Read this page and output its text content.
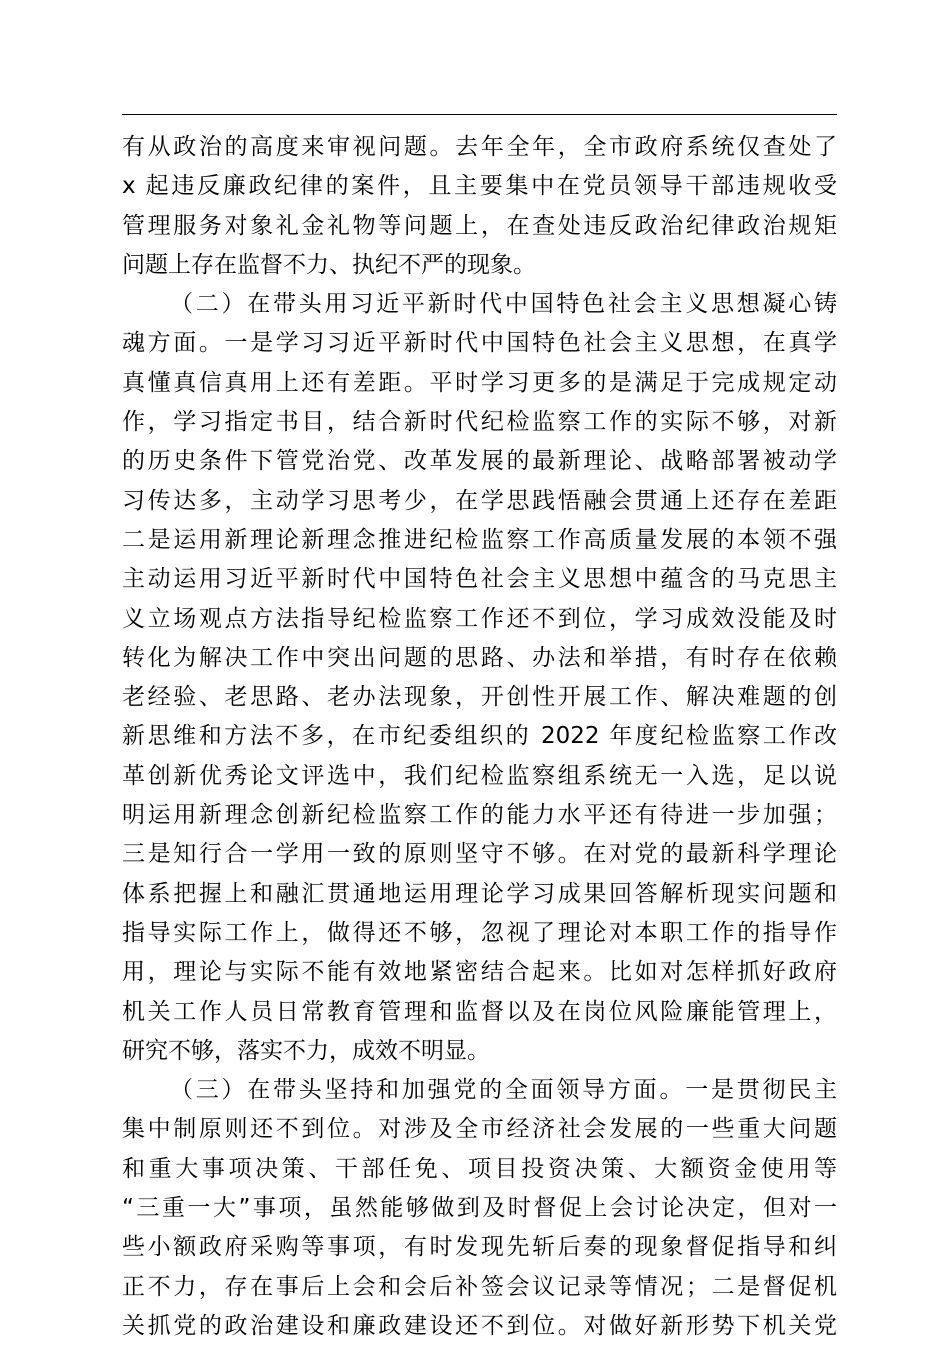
有从政治的高度来审视问题。去年全年，全市政府系统仅查处了
x 起违反廉政纪律的案件，且主要集中在党员领导干部违规收受
管理服务对象礼金礼物等问题上，在查处违反政治纪律政治规矩
问题上存在监督不力、执纪不严的现象。
（二）在带头用习近平新时代中国特色社会主义思想凝心铸
魂方面。一是学习习近平新时代中国特色社会主义思想，在真学
真懂真信真用上还有差距。平时学习更多的是满足于完成规定动
作，学习指定书目，结合新时代纪检监察工作的实际不够，对新
的历史条件下管党治党、改革发展的最新理论、战略部署被动学
习传达多，主动学习思考少，在学思践悟融会贯通上还存在差距
二是运用新理论新理念推进纪检监察工作高质量发展的本领不强
主动运用习近平新时代中国特色社会主义思想中蕴含的马克思主
义立场观点方法指导纪检监察工作还不到位，学习成效没能及时
转化为解决工作中突出问题的思路、办法和举措，有时存在依赖
老经验、老思路、老办法现象，开创性开展工作、解决难题的创
新思维和方法不多，在市纪委组织的 2022 年度纪检监察工作改
革创新优秀论文评选中，我们纪检监察组系统无一入选，足以说
明运用新理念创新纪检监察工作的能力水平还有待进一步加强；
三是知行合一学用一致的原则坚守不够。在对党的最新科学理论
体系把握上和融汇贯通地运用理论学习成果回答解析现实问题和
指导实际工作上，做得还不够，忽视了理论对本职工作的指导作
用，理论与实际不能有效地紧密结合起来。比如对怎样抓好政府
机关工作人员日常教育管理和监督以及在岗位风险廉能管理上，
研究不够，落实不力，成效不明显。
（三）在带头坚持和加强党的全面领导方面。一是贯彻民主
集中制原则还不到位。对涉及全市经济社会发展的一些重大问题
和重大事项决策、干部任免、项目投资决策、大额资金使用等
“三重一大”事项，虽然能够做到及时督促上会讨论决定，但对一
些小额政府采购等事项，有时发现先斩后奏的现象督促指导和纠
正不力，存在事后上会和会后补签会议记录等情况；二是督促机
关抓党的政治建设和廉政建设还不到位。对做好新形势下机关党
